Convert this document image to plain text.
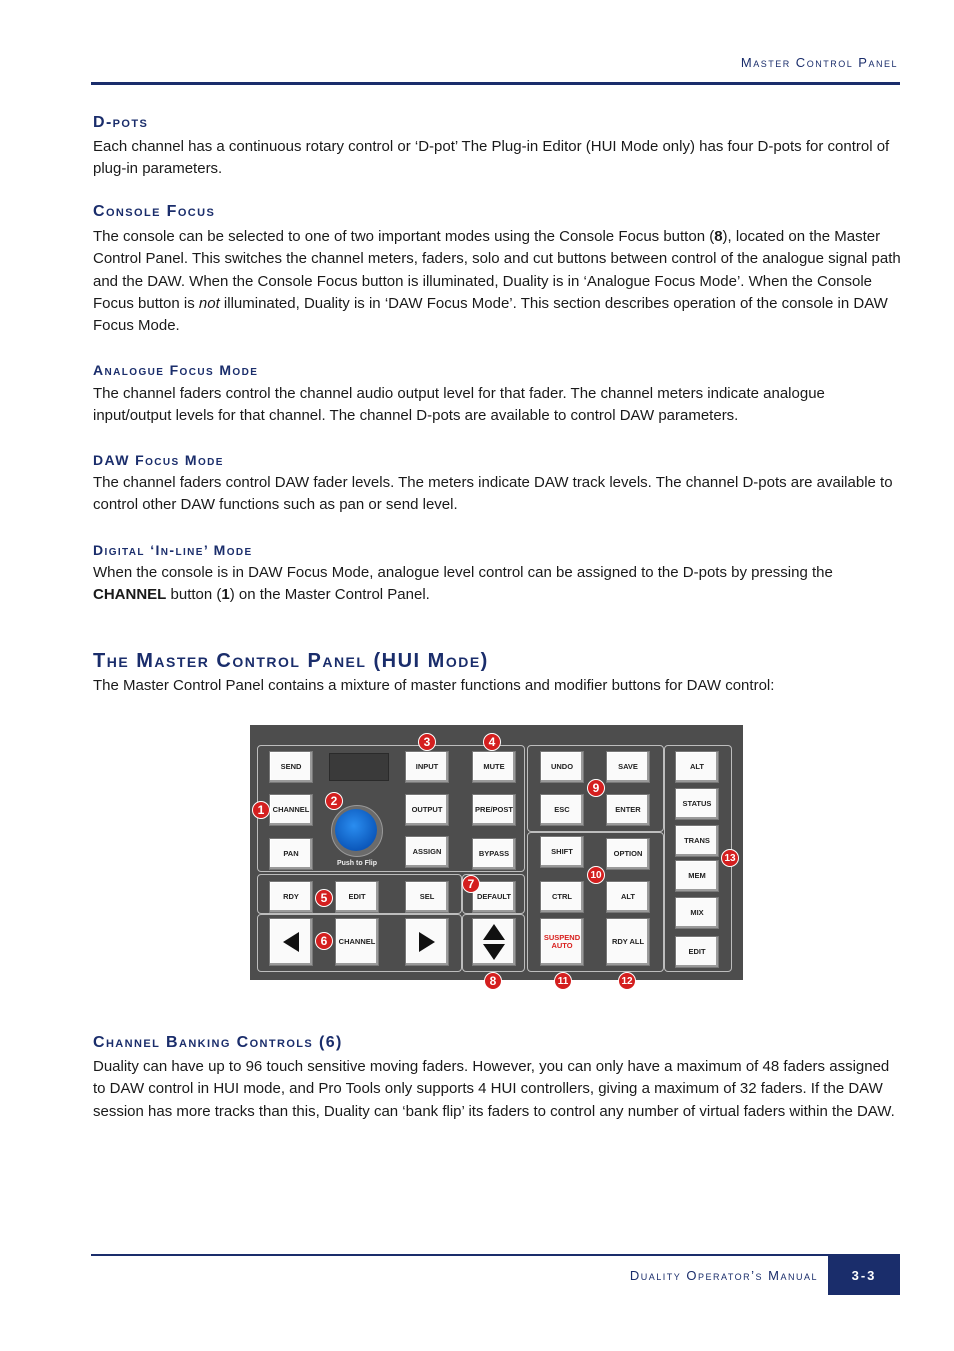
Master Control Panel
D-pots

Each channel has a continuous rotary control or ‘D-pot’ The Plug-in Editor (HUI Mode only) has four D-pots for control of plug-in parameters.

Console Focus

The console can be selected to one of two important modes using the Console Focus button (8), located on the Master Control Panel. This switches the channel meters, faders, solo and cut buttons between control of the analogue signal path and the DAW. When the Console Focus button is illuminated, Duality is in ‘Analogue Focus Mode’. When the Console Focus button is not illuminated, Duality is in ‘DAW Focus Mode’. This section describes operation of the console in DAW Focus Mode.

Analogue Focus Mode

The channel faders control the channel audio output level for that fader. The channel meters indicate analogue input/output levels for that channel. The channel D-pots are available to control DAW parameters.

DAW Focus Mode

The channel faders control DAW fader levels. The meters indicate DAW track levels. The channel D-pots are available to control other DAW functions such as pan or send level.

Digital ‘In-line’ Mode

When the console is in DAW Focus Mode, analogue level control can be assigned to the D-pots by pressing the CHANNEL button (1) on the Master Control Panel.

The Master Control Panel (HUI Mode)

The Master Control Panel contains a mixture of master functions and modifier buttons for DAW control:

Push to Flip
SEND	INPUT	MUTE	UNDO	SAVE	ALT
CHANNEL	OUTPUT	PRE/POST	ESC	ENTER
STATUS
PAN	ASSIGN	BYPASS	SHIFT	OPTION
TRANS
RDY	EDIT	SEL	DEFAULT	CTRL	ALT
MEM
MIX
CHANNEL	SUSPEND AUTO	RDY ALL
EDIT
1
2
3	4
5
6
7
8
9
10
11	12
13
Channel Banking Controls (6)

Duality can have up to 96 touch sensitive moving faders. However, you can only have a maximum of 48 faders assigned to DAW control in HUI mode, and Pro Tools only supports 4 HUI controllers, giving a maximum of 32 faders. If the DAW session has more tracks than this, Duality can ‘bank flip’ its faders to control any number of virtual faders within the DAW.

Duality Operator’s Manual	3-3
